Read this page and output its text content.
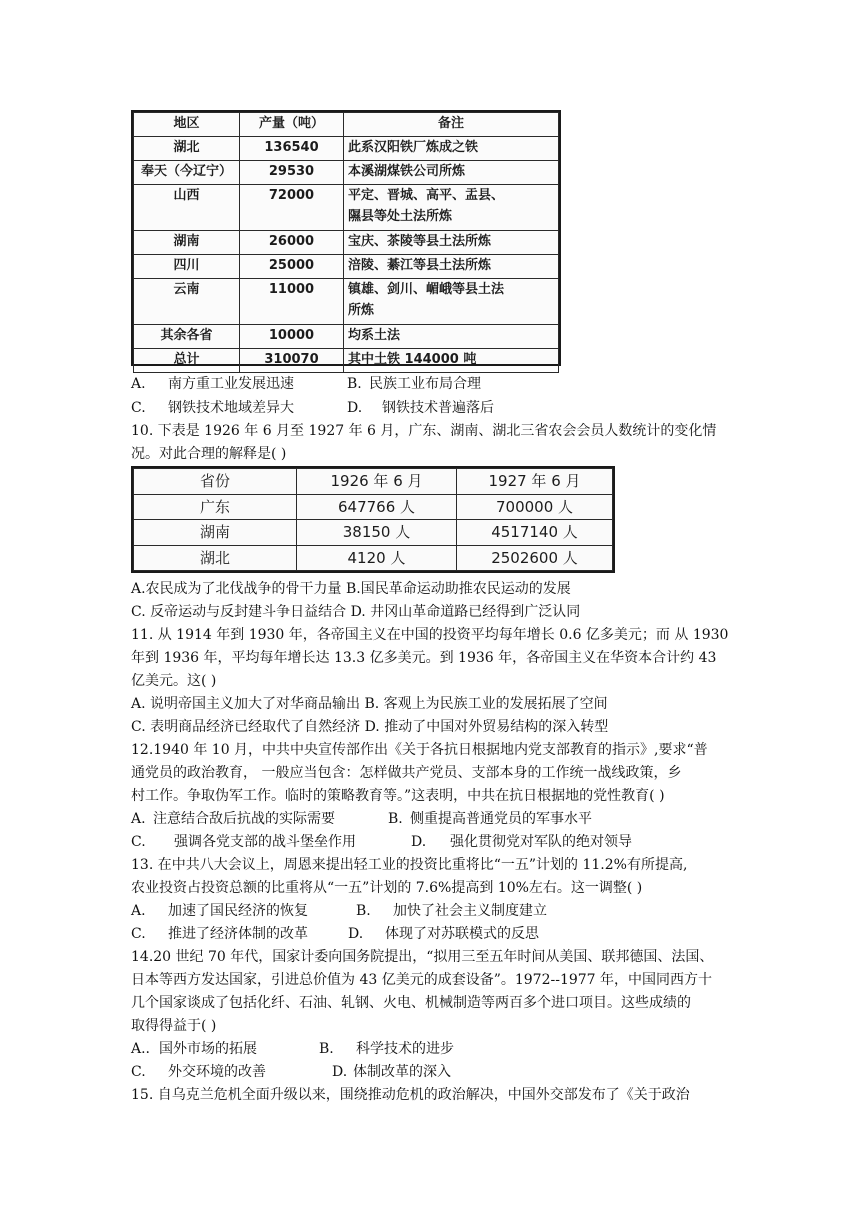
地区	产量（吨）	备注
湖北	136540	此系汉阳铁厂炼成之铁
奉天（今辽宁）	29530	本溪湖煤铁公司所炼
山西	72000	平定、晋城、高平、盂县、
隰县等处土法所炼

湖南	26000	宝庆、茶陵等县土法所炼
四川	25000	涪陵、綦江等县土法所炼
云南	11000	镇雄、剑川、嵋峨等县土法
所炼

其余各省	10000	均系土法
总计	310070	其中土铁 144000 吨
A. 南方重工业发展迅速	B. 民族工业布局合理
C. 钢铁技术地域差异大	D. 钢铁技术普遍落后
10. 下表是 1926 年 6 月至 1927 年 6 月，广东、湖南、湖北三省农会会员人数统计的变化情
况。对此合理的解释是( )
省份	1926 年 6 月	1927 年 6 月
广东	647766 人	700000 人
湖南	38150 人	4517140 人
湖北	4120 人	2502600 人
A.农民成为了北伐战争的骨干力量 B.国民革命运动助推农民运动的发展
C. 反帝运动与反封建斗争日益结合 D. 井冈山革命道路已经得到广泛认同
11. 从 1914 年到 1930 年，各帝国主义在中国的投资平均每年增长 0.6 亿多美元；而 从 1930
年到 1936 年，平均每年增长达 13.3 亿多美元。到 1936 年，各帝国主义在华资本合计约 43
亿美元。这( )
A. 说明帝国主义加大了对华商品输出 B. 客观上为民族工业的发展拓展了空间
C. 表明商品经济已经取代了自然经济 D. 推动了中国对外贸易结构的深入转型
12.1940 年 10 月，中共中央宣传部作出《关于各抗日根据地内党支部教育的指示》,要求“普
通党员的政治教育， 一般应当包含：怎样做共产党员、支部本身的工作统一战线政策，乡
村工作。争取伪军工作。临时的策略教育等。”这表明，中共在抗日根据地的党性教育( )
A. 注意结合敌后抗战的实际需要	B. 侧重提高普通党员的军事水平
C. 强调各党支部的战斗堡垒作用	D. 强化贯彻党对军队的绝对领导
13. 在中共八大会议上，周恩来提出轻工业的投资比重将比“一五”计划的 11.2%有所提高,
农业投资占投资总额的比重将从“一五”计划的 7.6%提高到 10%左右。这一调整( )
A. 加速了国民经济的恢复	B. 加快了社会主义制度建立
C. 推进了经济体制的改革	D. 体现了对苏联模式的反思
14.20 世纪 70 年代，国家计委向国务院提出，“拟用三至五年时间从美国、联邦德国、法国、
日本等西方发达国家，引进总价值为 43 亿美元的成套设备”。1972--1977 年，中国同西方十
几个国家谈成了包括化纤、石油、轧钢、火电、机械制造等两百多个进口项目。这些成绩的
取得得益于( )
A.. 国外市场的拓展	B. 科学技术的进步
C. 外交环境的改善	D. 体制改革的深入
15. 自乌克兰危机全面升级以来，围绕推动危机的政治解决，中国外交部发布了《关于政治
